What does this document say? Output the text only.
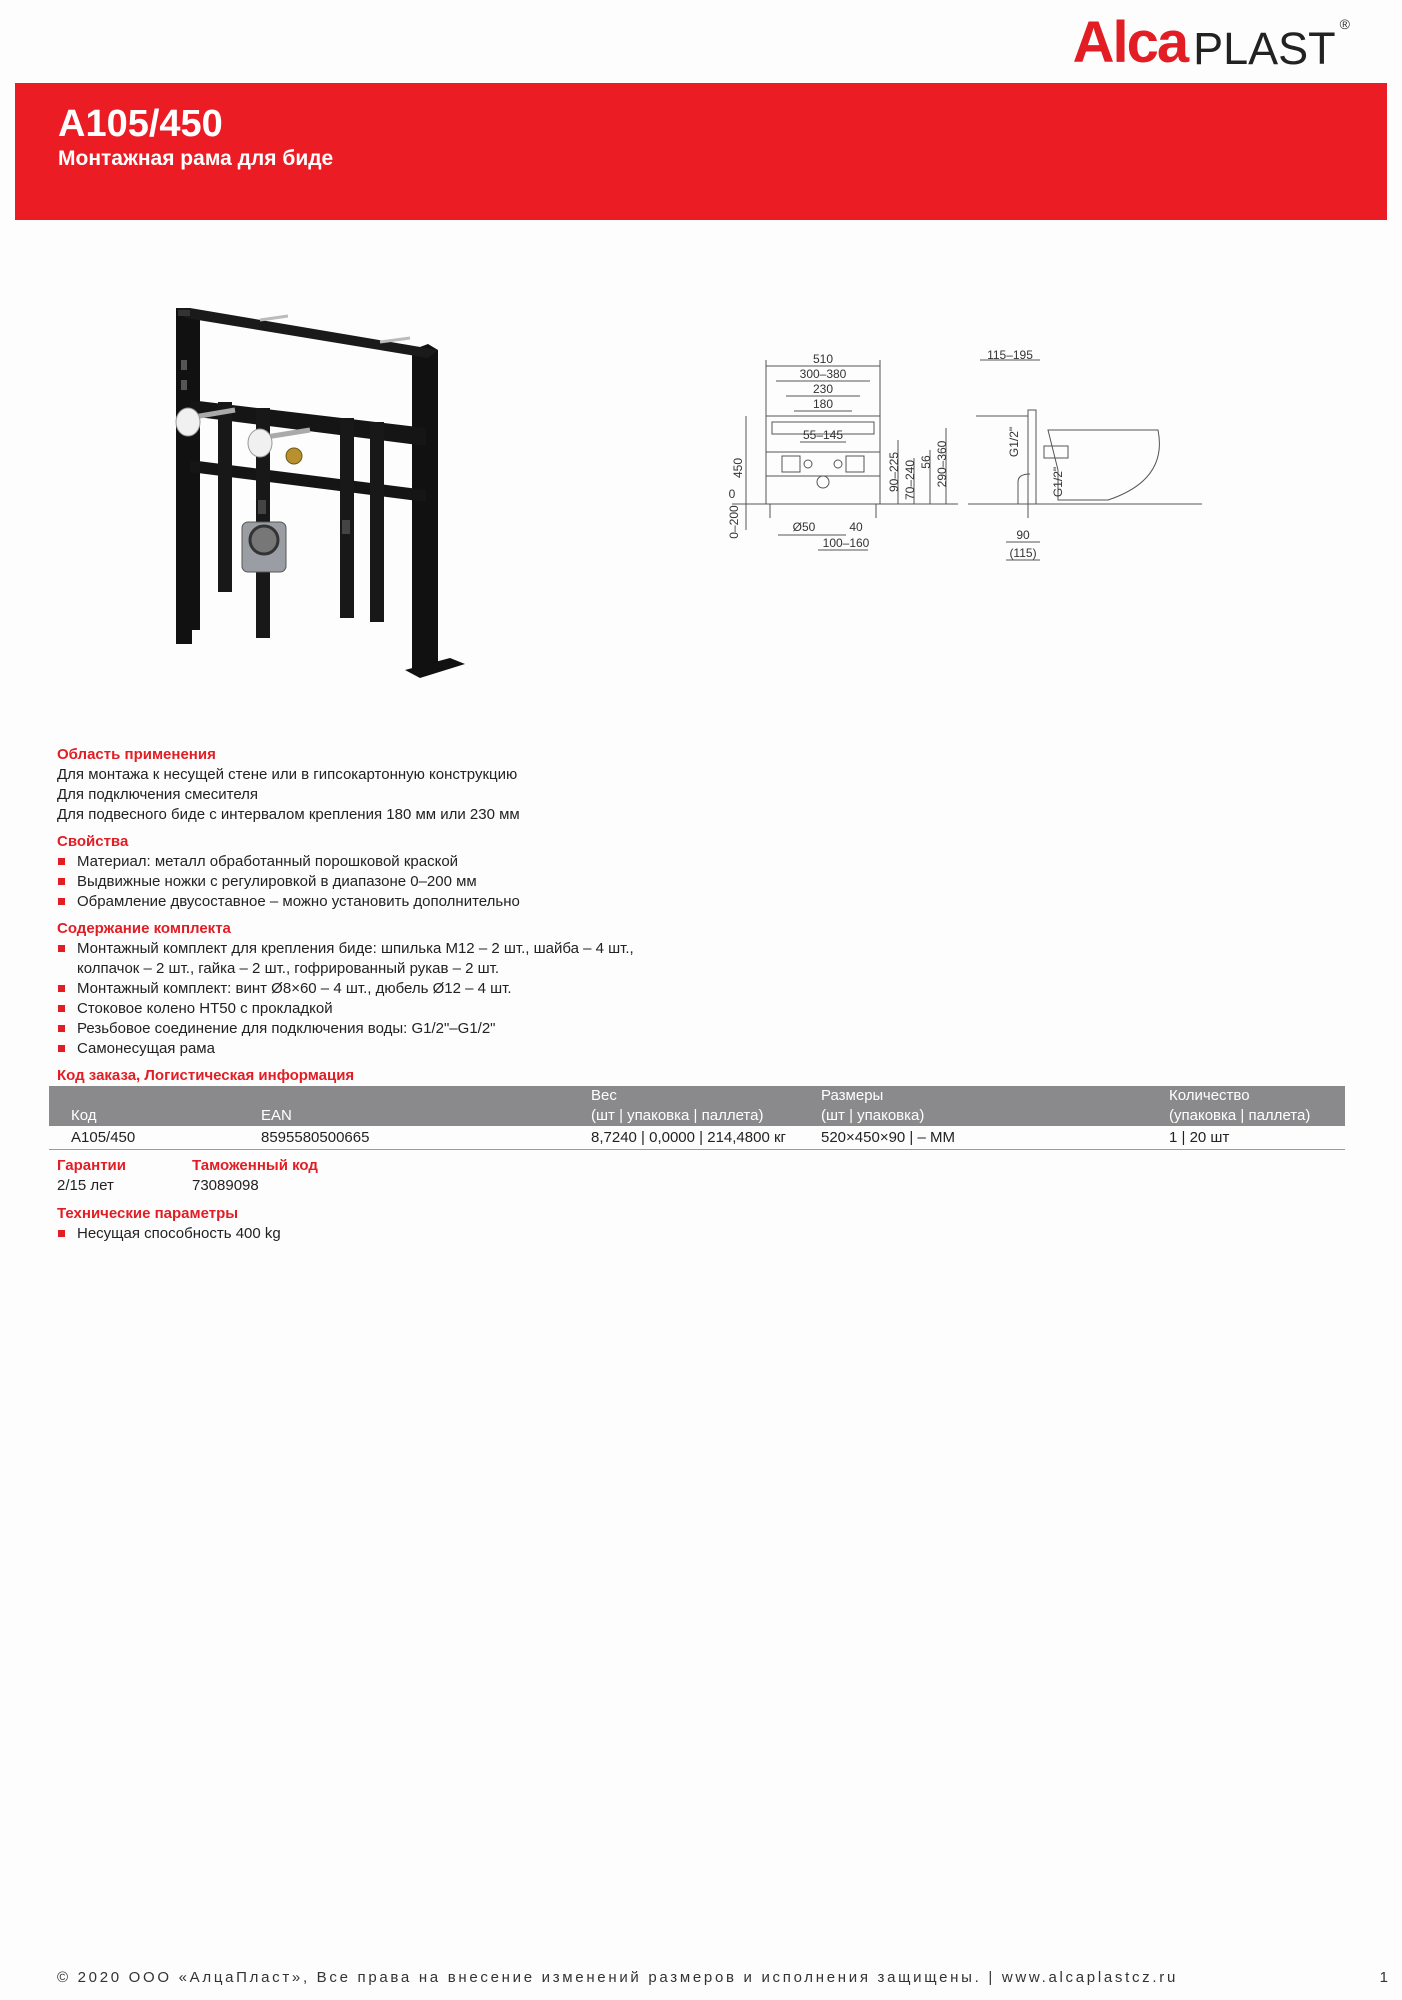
Alca PLAST ®
A105/450
Монтажная рама для биде
510
300–380
230
180
55–145
450
0
0–200	Ø50	40
100–160
90–225 70–240 56 290–360
115–195
G1/2"
G1/2"
90
(115)
Область применения
Для монтажа к несущей стене или в гипсокартонную конструкцию
Для подключения смесителя
Для подвесного биде с интервалом крепления 180 мм или 230 мм
Свойства
Материал: металл обработанный порошковой краской
Выдвижные ножки с регулировкой в диапазоне 0–200 мм
Обрамление двусоставное – можно установить дополнительно
Содержание комплекта
Монтажный комплект для крепления биде: шпилька M12 – 2 шт., шайба – 4 шт.,
колпачок – 2 шт., гайка – 2 шт., гофрированный рукав – 2 шт.
Монтажный комплект: винт Ø8×60 – 4 шт., дюбель Ø12 – 4 шт.
Стоковое колено HT50 с прокладкой
Резьбовое соединение для подключения воды: G1/2"–G1/2"
Самонесущая рама
Код заказа, Логистическая информация
		Вес	Размеры	Количество
Код	EAN	(шт | упаковка | паллета)	(шт | упаковка)	(упаковка | паллета)
A105/450	8595580500665	8,7240 | 0,0000 | 214,4800 кг	520×450×90 | – MM	1 | 20 шт
Гарантии
2/15 лет
Таможенный код
73089098
Технические параметры
Несущая способность 400 kg
© 2020 ООО «АлцаПласт», Все права на внесение изменений размеров и исполнения защищены. | www.alcaplastcz.ru	1
